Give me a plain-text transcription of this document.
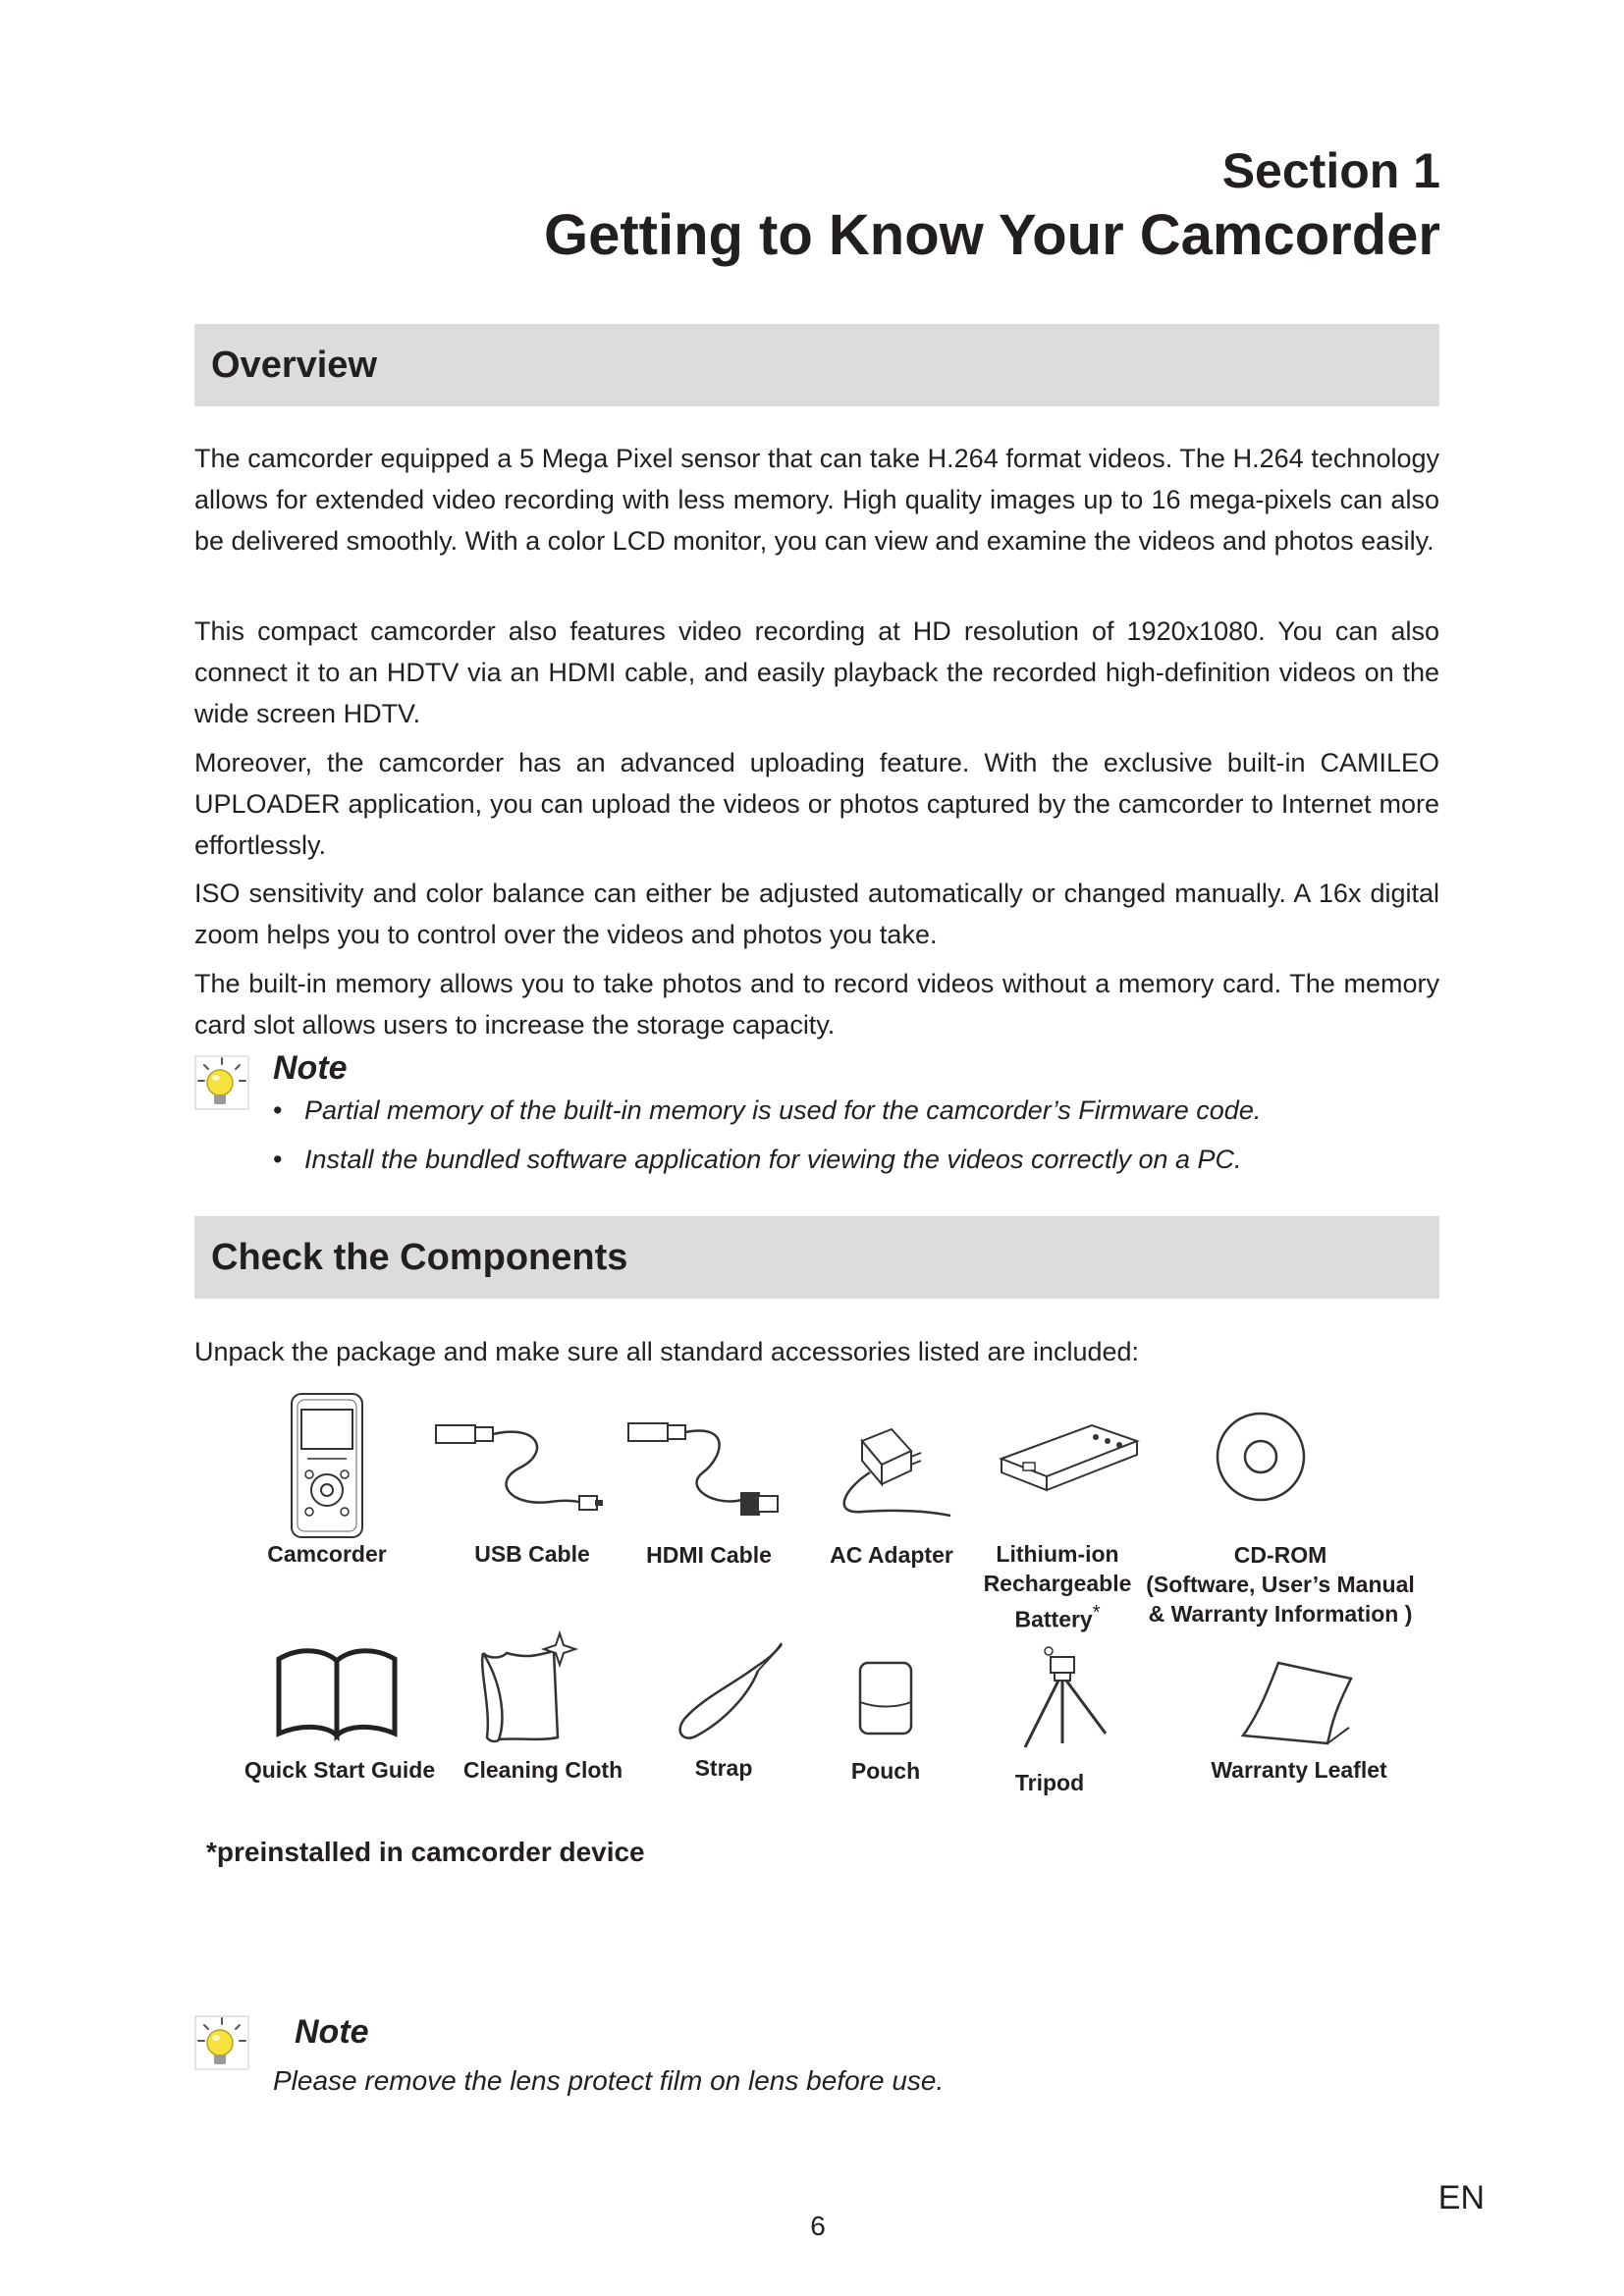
Section 1

Getting to Know Your Camcorder
Overview

The camcorder equipped a 5 Mega Pixel sensor that can take H.264 format videos. The H.264 technology allows for extended video recording with less memory. High quality images up to 16 mega-pixels can also be delivered smoothly. With a color LCD monitor, you can view and examine the videos and photos easily.

This compact camcorder also features video recording at HD resolution of 1920x1080. You can also connect it to an HDTV via an HDMI cable, and easily playback the recorded high-definition videos on the wide screen HDTV.

Moreover, the camcorder has an advanced uploading feature. With the exclusive built-in CAMILEO UPLOADER application, you can upload the videos or photos captured by the camcorder to Internet more effortlessly.

ISO sensitivity and color balance can either be adjusted automatically or changed manually. A 16x digital zoom helps you to control over the videos and photos you take.

The built-in memory allows you to take photos and to record videos without a memory card. The memory card slot allows users to increase the storage capacity.

Note

• Partial memory of the built-in memory is used for the camcorder’s Firmware code.

• Install the bundled software application for viewing the videos correctly on a PC.

Check the Components

Unpack the package and make sure all standard accessories listed are included:

Camcorder	USB Cable	HDMI Cable	AC Adapter	Lithium-ion
Rechargeable
Battery*
CD-ROM
(Software, User’s Manual
& Warranty Information )
Quick Start Guide	Cleaning Cloth	Strap	Pouch	Tripod	Warranty Leaflet

*preinstalled in camcorder device

Note

Please remove the lens protect film on lens before use.

EN

6
